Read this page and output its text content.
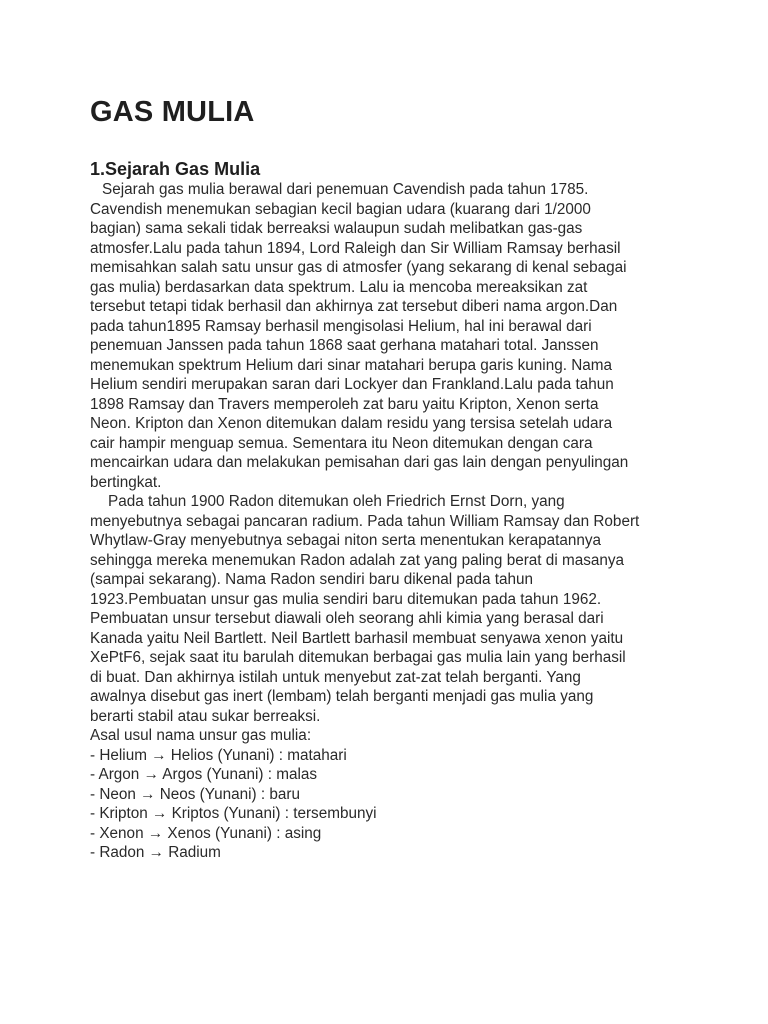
GAS MULIA
1.Sejarah Gas Mulia

Sejarah gas mulia berawal dari penemuan Cavendish pada tahun 1785.
Cavendish menemukan sebagian kecil bagian udara (kuarang dari 1/2000
bagian) sama sekali tidak berreaksi walaupun sudah melibatkan gas-gas
atmosfer.Lalu pada tahun 1894, Lord Raleigh dan Sir William Ramsay berhasil
memisahkan salah satu unsur gas di atmosfer (yang sekarang di kenal sebagai
gas mulia) berdasarkan data spektrum. Lalu ia mencoba mereaksikan zat
tersebut tetapi tidak berhasil dan akhirnya zat tersebut diberi nama argon.Dan
pada tahun1895 Ramsay berhasil mengisolasi Helium, hal ini berawal dari
penemuan Janssen pada tahun 1868 saat gerhana matahari total. Janssen
menemukan spektrum Helium dari sinar matahari berupa garis kuning. Nama
Helium sendiri merupakan saran dari Lockyer dan Frankland.Lalu pada tahun
1898 Ramsay dan Travers memperoleh zat baru yaitu Kripton, Xenon serta
Neon. Kripton dan Xenon ditemukan dalam residu yang tersisa setelah udara
cair hampir menguap semua. Sementara itu Neon ditemukan dengan cara
mencairkan udara dan melakukan pemisahan dari gas lain dengan penyulingan
bertingkat.

Pada tahun 1900 Radon ditemukan oleh Friedrich Ernst Dorn, yang
menyebutnya sebagai pancaran radium. Pada tahun William Ramsay dan Robert
Whytlaw-Gray menyebutnya sebagai niton serta menentukan kerapatannya
sehingga mereka menemukan Radon adalah zat yang paling berat di masanya
(sampai sekarang). Nama Radon sendiri baru dikenal pada tahun
1923.Pembuatan unsur gas mulia sendiri baru ditemukan pada tahun 1962.
Pembuatan unsur tersebut diawali oleh seorang ahli kimia yang berasal dari
Kanada yaitu Neil Bartlett. Neil Bartlett barhasil membuat senyawa xenon yaitu
XePtF6, sejak saat itu barulah ditemukan berbagai gas mulia lain yang berhasil
di buat. Dan akhirnya istilah untuk menyebut zat-zat telah berganti. Yang
awalnya disebut gas inert (lembam) telah berganti menjadi gas mulia yang
berarti stabil atau sukar berreaksi.

Asal usul nama unsur gas mulia:

- Helium → Helios (Yunani) : matahari
- Argon → Argos (Yunani) : malas
- Neon → Neos (Yunani) : baru
- Kripton → Kriptos (Yunani) : tersembunyi
- Xenon → Xenos (Yunani) : asing
- Radon → Radium
